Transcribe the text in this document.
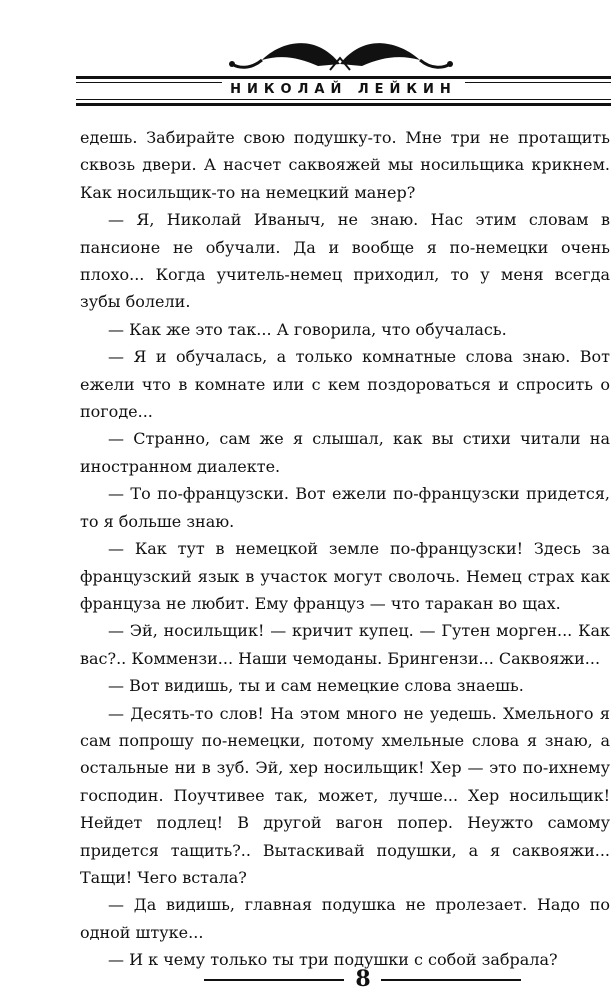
НИКОЛАЙ ЛЕЙКИН

едешь. Забирайте свою подушку-то. Мне три не протащить сквозь двери. А насчет саквояжей мы носильщика крикнем. Как носильщик-то на немецкий манер?

— Я, Николай Иваныч, не знаю. Нас этим словам в пансионе не обучали. Да и вообще я по-немецки очень плохо... Когда учитель-немец приходил, то у меня всегда зубы болели.

— Как же это так... А говорила, что обучалась.

— Я и обучалась, а только комнатные слова знаю. Вот ежели что в комнате или с кем поздороваться и спросить о погоде...

— Странно, сам же я слышал, как вы стихи читали на иностранном диалекте.

— То по-французски. Вот ежели по-французски придется, то я больше знаю.

— Как тут в немецкой земле по-французски! Здесь за французский язык в участок могут сволочь. Немец страх как француза не любит. Ему француз — что таракан во щах.

— Эй, носильщик! — кричит купец. — Гутен морген... Как вас?.. Коммензи... Наши чемоданы. Брингензи... Саквояжи...

— Вот видишь, ты и сам немецкие слова знаешь.

— Десять-то слов! На этом много не уедешь. Хмельного я сам попрошу по-немецки, потому хмельные слова я знаю, а остальные ни в зуб. Эй, хер носильщик! Хер — это по-ихнему господин. Поучтивее так, может, лучше... Хер носильщик! Нейдет подлец! В другой вагон попер. Неужто самому придется тащить?.. Вытаскивай подушки, а я саквояжи... Тащи! Чего встала?

— Да видишь, главная подушка не пролезает. Надо по одной штуке...

— И к чему только ты три подушки с собой забрала?

8
